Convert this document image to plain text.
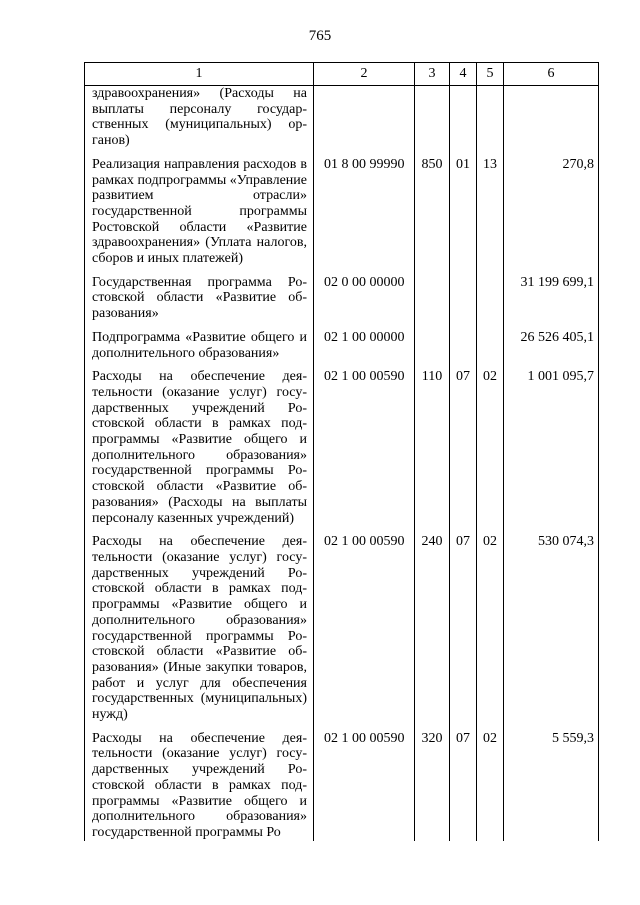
765
1	2	3	4	5	6
здравоохранения» (Расходы на выплаты персоналу государственных (муниципальных) органов)					

Реализация направления расходов в рамках подпрограммы «Управление развитием отрасли» государственной программы Ростовской области «Развитие здравоохранения» (Уплата налогов, сборов и иных платежей)	01 8 00 99990	850	01	13	270,8

Государственная программа Ростовской области «Развитие образования»	02 0 00 00000				31 199 699,1

Подпрограмма «Развитие общего и дополнительного образования»	02 1 00 00000				26 526 405,1

Расходы на обеспечение деятельности (оказание услуг) государственных учреждений Ростовской области в рамках подпрограммы «Развитие общего и дополнительного образования» государственной программы Ростовской области «Развитие образования» (Расходы на выплаты персоналу казенных учреждений)	02 1 00 00590	110	07	02	1 001 095,7

Расходы на обеспечение деятельности (оказание услуг) государственных учреждений Ростовской области в рамках подпрограммы «Развитие общего и дополнительного образования» государственной программы Ростовской области «Развитие образования» (Иные закупки товаров, работ и услуг для обеспечения государственных (муниципальных) нужд)	02 1 00 00590	240	07	02	530 074,3

Расходы на обеспечение деятельности (оказание услуг) государственных учреждений Ростовской области в рамках подпрограммы «Развитие общего и дополнительного образования» государственной программы Ро	02 1 00 00590	320	07	02	5 559,3
